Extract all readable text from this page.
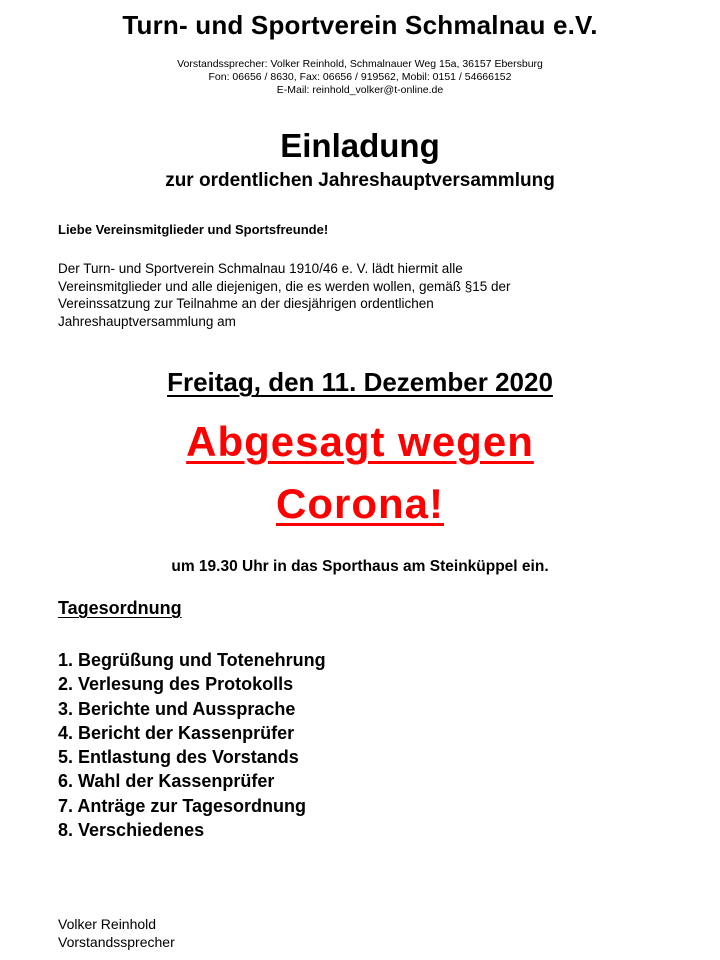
Turn- und Sportverein Schmalnau e.V.
Vorstandssprecher: Volker Reinhold, Schmalnauer Weg 15a, 36157 Ebersburg
Fon: 06656 / 8630, Fax: 06656 / 919562, Mobil: 0151 / 54666152
E-Mail: reinhold_volker@t-online.de
Einladung
zur ordentlichen Jahreshauptversammlung
Liebe Vereinsmitglieder und Sportsfreunde!
Der Turn- und Sportverein Schmalnau 1910/46 e. V. lädt hiermit alle
Vereinsmitglieder und alle diejenigen, die es werden wollen, gemäß §15 der
Vereinssatzung zur Teilnahme an der diesjährigen ordentlichen
Jahreshauptversammlung am
Freitag, den 11. Dezember 2020
Abgesagt wegen
Corona!
um 19.30 Uhr in das Sporthaus am Steinküppel ein.
Tagesordnung
1. Begrüßung und Totenehrung
2. Verlesung des Protokolls
3. Berichte und Aussprache
4. Bericht der Kassenprüfer
5. Entlastung des Vorstands
6. Wahl der Kassenprüfer
7. Anträge zur Tagesordnung
8. Verschiedenes
Volker Reinhold
Vorstandssprecher
